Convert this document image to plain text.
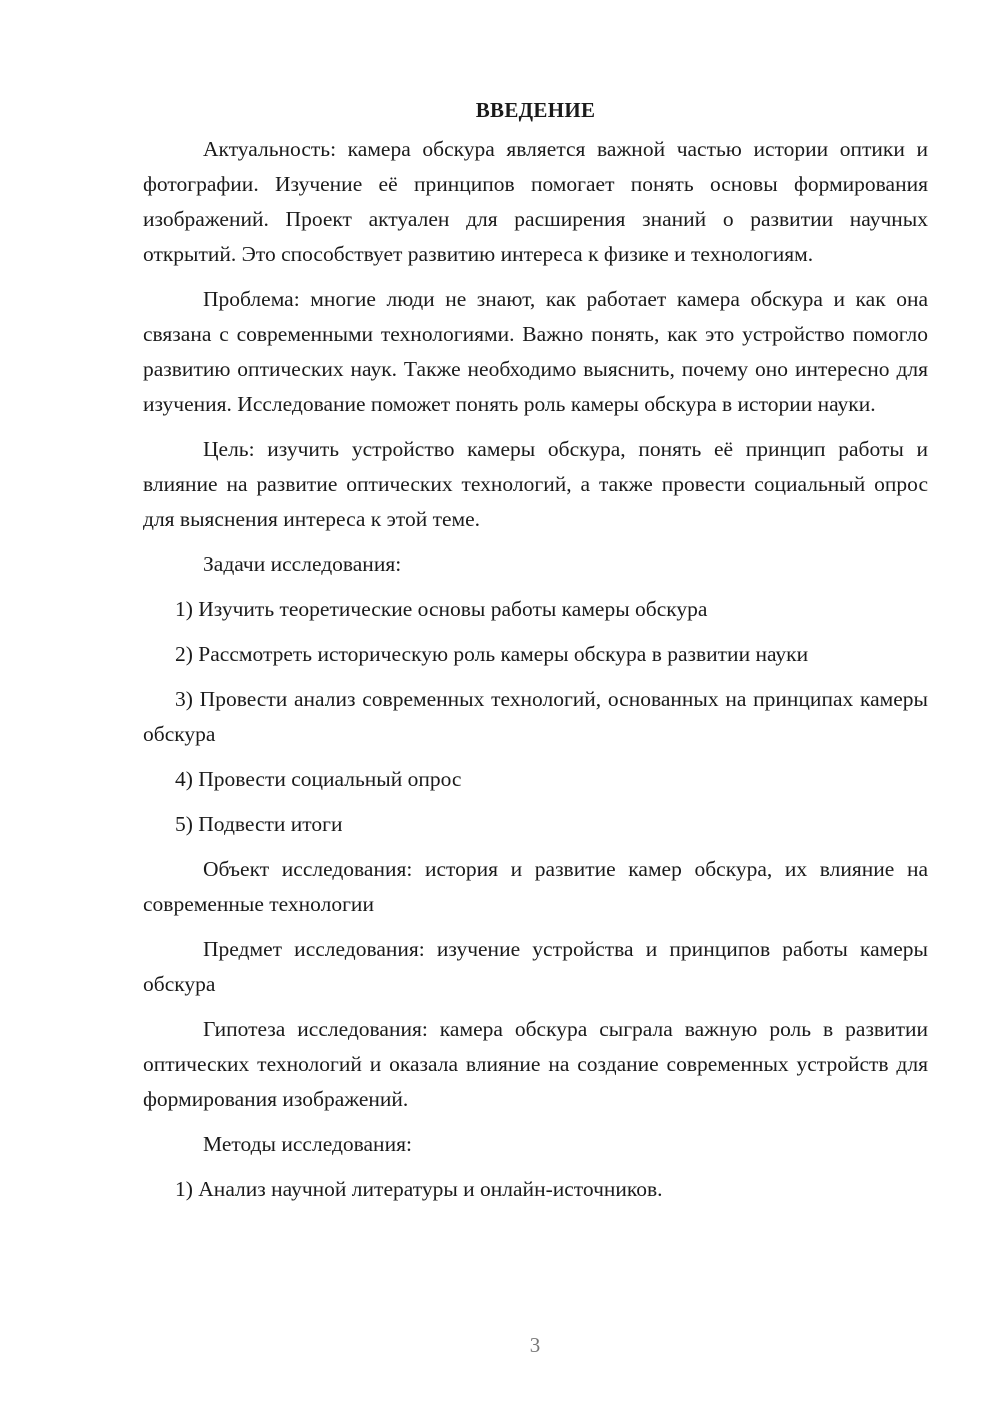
ВВЕДЕНИЕ

Актуальность: камера обскура является важной частью истории оптики и фотографии. Изучение её принципов помогает понять основы формирования изображений. Проект актуален для расширения знаний о развитии научных открытий. Это способствует развитию интереса к физике и технологиям.

Проблема: многие люди не знают, как работает камера обскура и как она связана с современными технологиями. Важно понять, как это устройство помогло развитию оптических наук. Также необходимо выяснить, почему оно интересно для изучения. Исследование поможет понять роль камеры обскура в истории науки.

Цель: изучить устройство камеры обскура, понять её принцип работы и влияние на развитие оптических технологий, а также провести социальный опрос для выяснения интереса к этой теме.

Задачи исследования:

1) Изучить теоретические основы работы камеры обскура

2) Рассмотреть историческую роль камеры обскура в развитии науки

3) Провести анализ современных технологий, основанных на принципах камеры обскура

4) Провести социальный опрос

5) Подвести итоги

Объект исследования: история и развитие камер обскура, их влияние на современные технологии

Предмет исследования: изучение устройства и принципов работы камеры обскура

Гипотеза исследования: камера обскура сыграла важную роль в развитии оптических технологий и оказала влияние на создание современных устройств для формирования изображений.

Методы исследования:

1) Анализ научной литературы и онлайн-источников.

3
